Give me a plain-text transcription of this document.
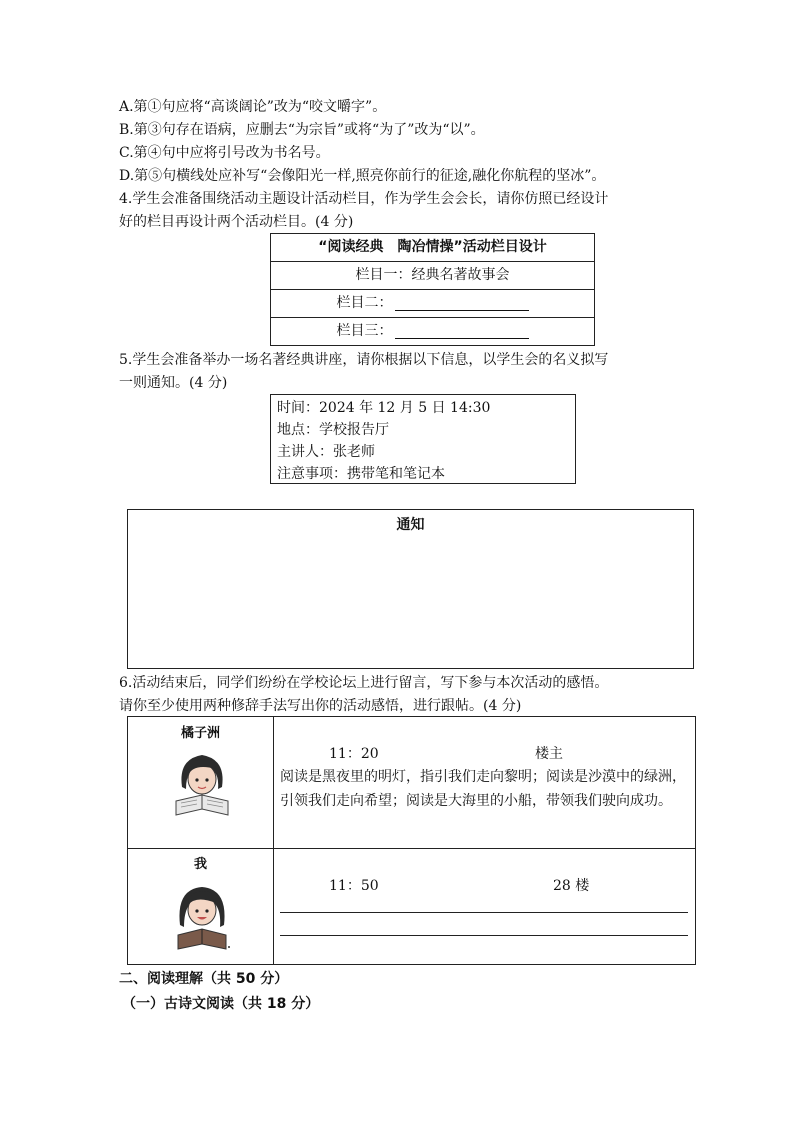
A.第①句应将“高谈阔论”改为“咬文嚼字”。
B.第③句存在语病，应删去“为宗旨”或将“为了”改为“以”。
C.第④句中应将引号改为书名号。
D.第⑤句横线处应补写“会像阳光一样,照亮你前行的征途,融化你航程的坚冰”。
4.学生会准备围绕活动主题设计活动栏目，作为学生会会长，请你仿照已经设计
好的栏目再设计两个活动栏目。(4 分)
“阅读经典　陶冶情操”活动栏目设计
栏目一：经典名著故事会
栏目二：
栏目三：
5.学生会准备举办一场名著经典讲座，请你根据以下信息，以学生会的名义拟写
一则通知。(4 分)
时间：2024 年 12 月 5 日 14:30
地点：学校报告厅
主讲人：张老师
注意事项：携带笔和笔记本
通知
6.活动结束后，同学们纷纷在学校论坛上进行留言，写下参与本次活动的感悟。
请你至少使用两种修辞手法写出你的活动感悟，进行跟帖。(4 分)
橘子洲
11：20	楼主
阅读是黑夜里的明灯，指引我们走向黎明；阅读是沙漠中的绿洲，引领我们走向希望；阅读是大海里的小船，带领我们驶向成功。
我
11：50	28 楼
二、阅读理解（共 50 分）
（一）古诗文阅读（共 18 分）
